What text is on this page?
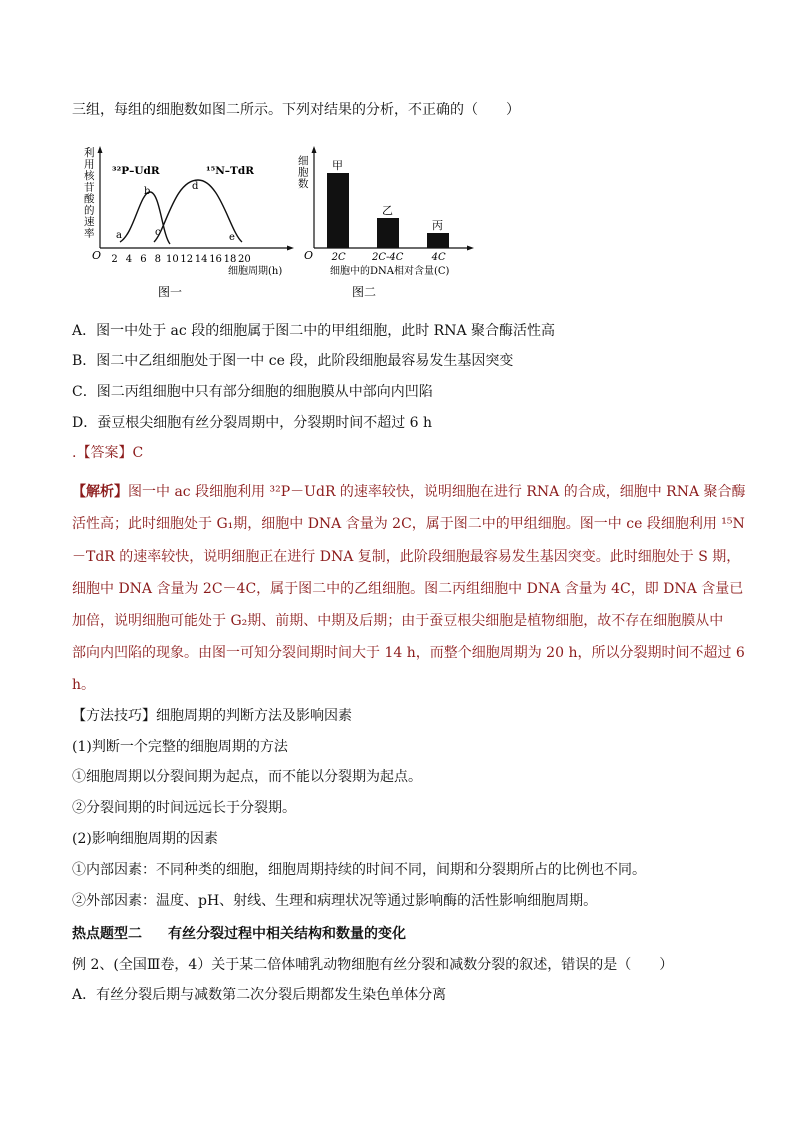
三组，每组的细胞数如图二所示。下列对结果的分析，不正确的（　　）
利
用
核
苷
酸
的
速
率
O 2 4 6 8 10 12 14 16 18 20
³²P–UdR	¹⁵N–TdR
a
b
c
d
e
细胞周期(h)
图一
细
胞
数
O
甲
2C
乙
2C-4C
丙
4C
细胞中的DNA相对含量(C)
图二
A．图一中处于 ac 段的细胞属于图二中的甲组细胞，此时 RNA 聚合酶活性高
B．图二中乙组细胞处于图一中 ce 段，此阶段细胞最容易发生基因突变
C．图二丙组细胞中只有部分细胞的细胞膜从中部向内凹陷
D．蚕豆根尖细胞有丝分裂周期中，分裂期时间不超过 6 h
.【答案】C
【解析】图一中 ac 段细胞利用 ³²P－UdR 的速率较快，说明细胞在进行 RNA 的合成，细胞中 RNA 聚合酶
活性高；此时细胞处于 G₁期，细胞中 DNA 含量为 2C，属于图二中的甲组细胞。图一中 ce 段细胞利用 ¹⁵N
－TdR 的速率较快，说明细胞正在进行 DNA 复制，此阶段细胞最容易发生基因突变。此时细胞处于 S 期，
细胞中 DNA 含量为 2C－4C，属于图二中的乙组细胞。图二丙组细胞中 DNA 含量为 4C，即 DNA 含量已
加倍，说明细胞可能处于 G₂期、前期、中期及后期；由于蚕豆根尖细胞是植物细胞，故不存在细胞膜从中
部向内凹陷的现象。由图一可知分裂间期时间大于 14 h，而整个细胞周期为 20 h，所以分裂期时间不超过 6
h。
【方法技巧】细胞周期的判断方法及影响因素
(1)判断一个完整的细胞周期的方法
①细胞周期以分裂间期为起点，而不能以分裂期为起点。
②分裂间期的时间远远长于分裂期。
(2)影响细胞周期的因素
①内部因素：不同种类的细胞，细胞周期持续的时间不同，间期和分裂期所占的比例也不同。
②外部因素：温度、pH、射线、生理和病理状况等通过影响酶的活性影响细胞周期。
热点题型二 有丝分裂过程中相关结构和数量的变化
例 2、(全国Ⅲ卷，4）关于某二倍体哺乳动物细胞有丝分裂和减数分裂的叙述，错误的是（　　）
A．有丝分裂后期与减数第二次分裂后期都发生染色单体分离
